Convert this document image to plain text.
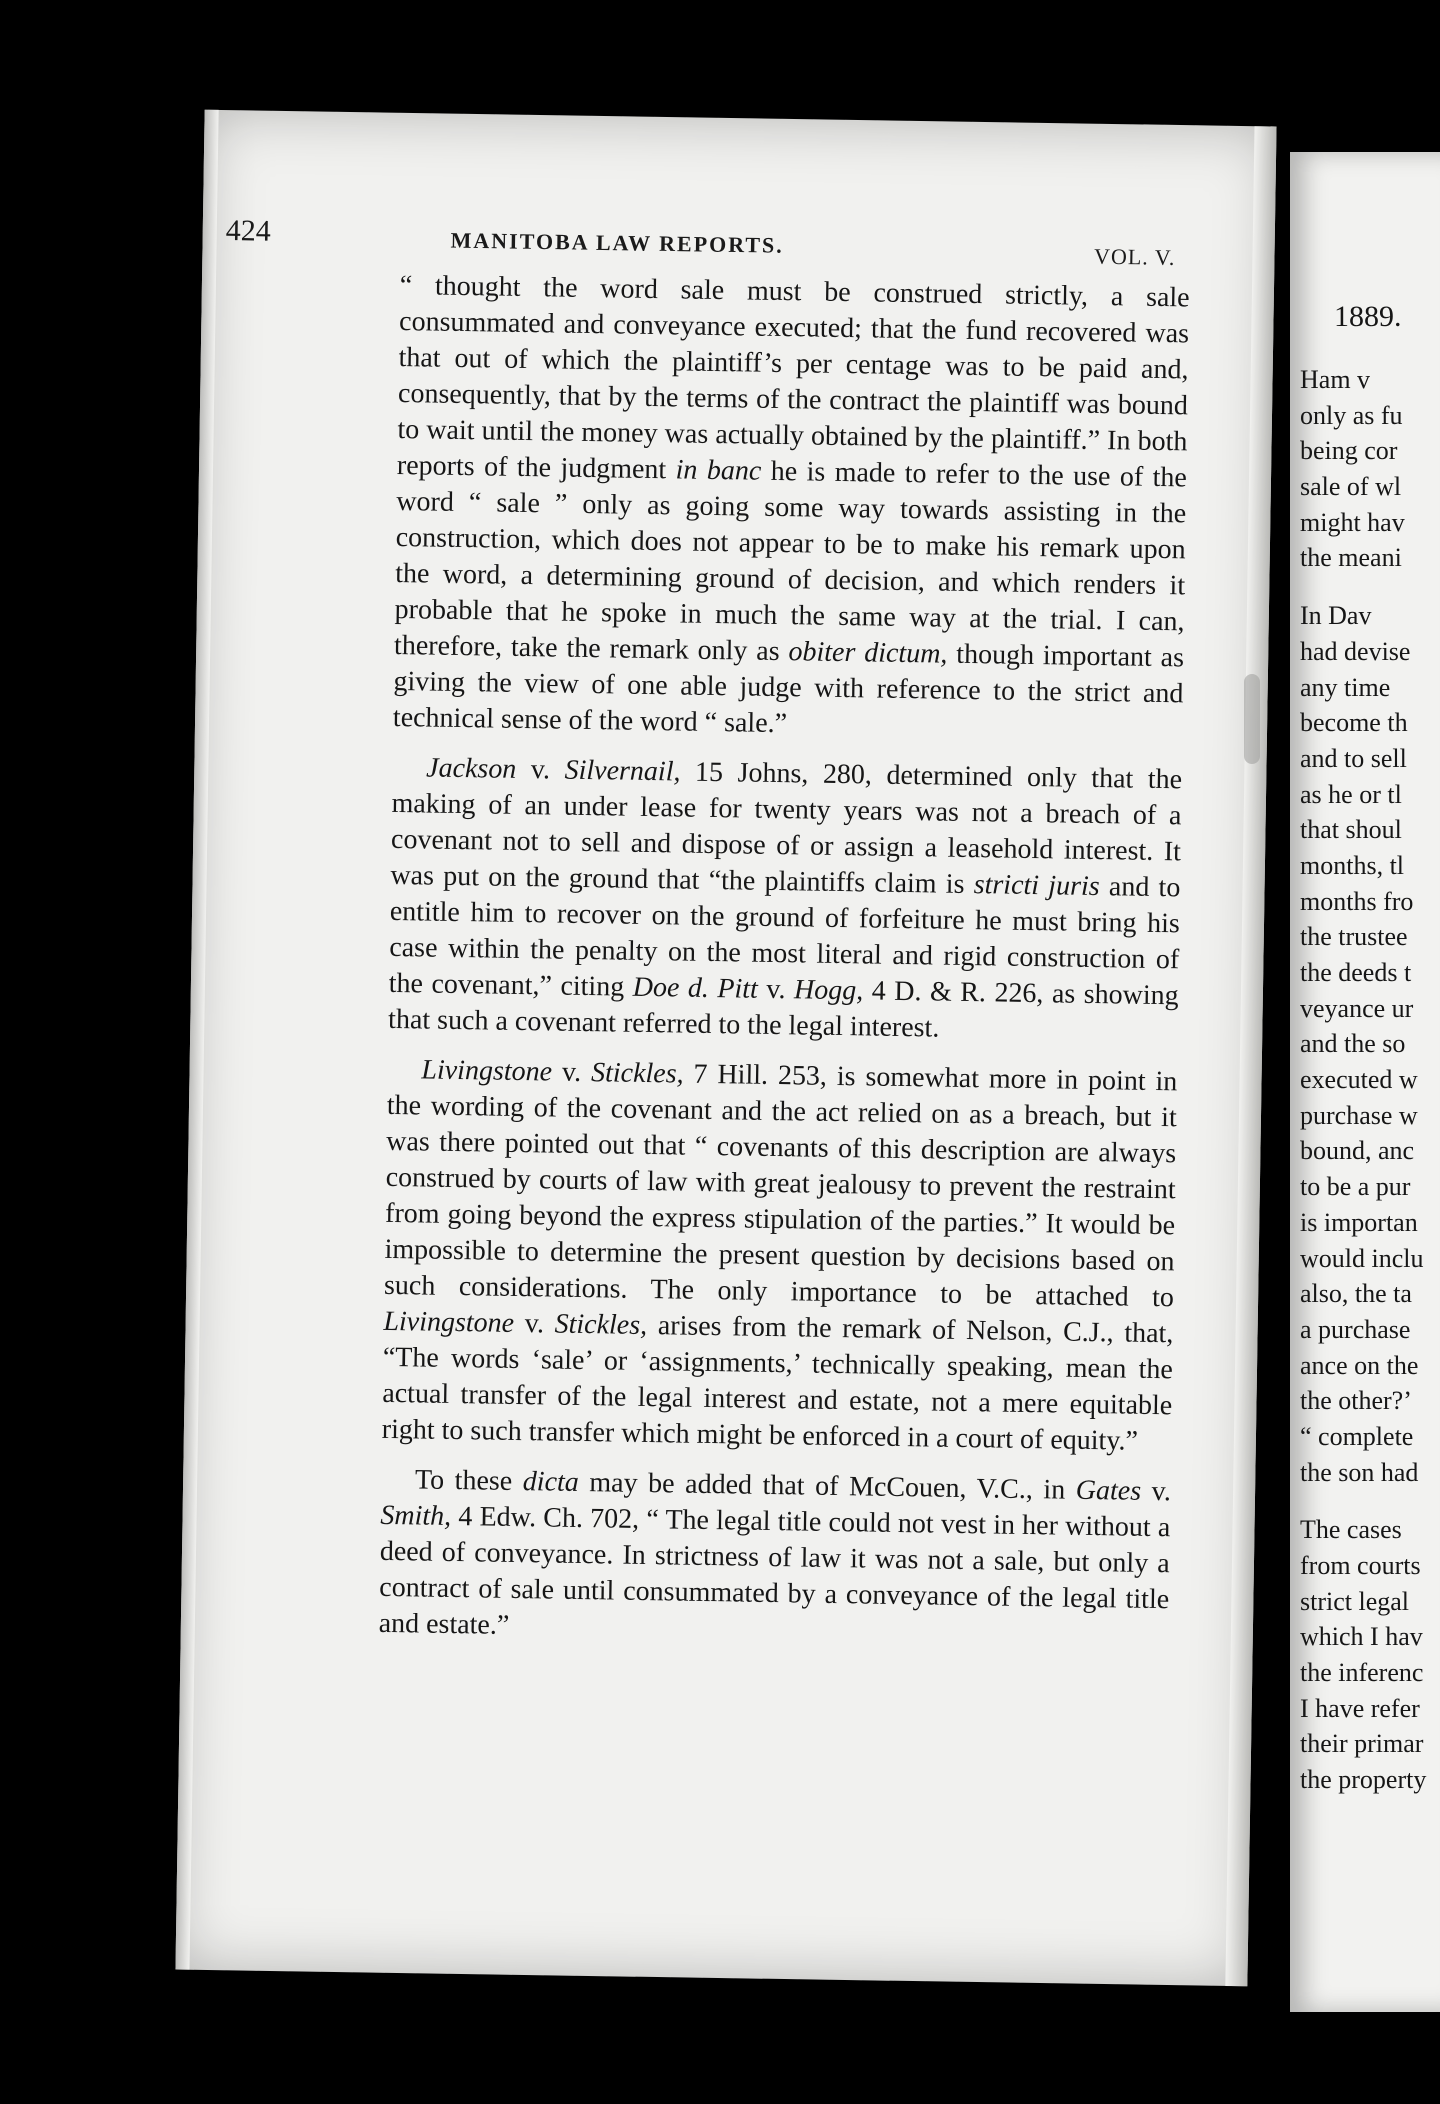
424	MANITOBA LAW REPORTS.	VOL. V.

“ thought the word sale must be construed strictly, a sale consummated and conveyance executed; that the fund recovered was that out of which the plaintiff’s per centage was to be paid and, consequently, that by the terms of the contract the plaintiff was bound to wait until the money was actually obtained by the plaintiff.” In both reports of the judgment in banc he is made to refer to the use of the word “ sale ” only as going some way towards assisting in the construction, which does not appear to be to make his remark upon the word, a determining ground of decision, and which renders it probable that he spoke in much the same way at the trial. I can, therefore, take the remark only as obiter dictum, though important as giving the view of one able judge with reference to the strict and technical sense of the word “ sale.”

Jackson v. Silvernail, 15 Johns, 280, determined only that the making of an under lease for twenty years was not a breach of a covenant not to sell and dispose of or assign a leasehold interest. It was put on the ground that “the plaintiffs claim is stricti juris and to entitle him to recover on the ground of forfeiture he must bring his case within the penalty on the most literal and rigid construction of the covenant,” citing Doe d. Pitt v. Hogg, 4 D. & R. 226, as showing that such a covenant referred to the legal interest.

Livingstone v. Stickles, 7 Hill. 253, is somewhat more in point in the wording of the covenant and the act relied on as a breach, but it was there pointed out that “ covenants of this description are always construed by courts of law with great jealousy to prevent the restraint from going beyond the express stipulation of the parties.” It would be impossible to determine the present question by decisions based on such considerations. The only importance to be attached to Livingstone v. Stickles, arises from the remark of Nelson, C.J., that, “The words ‘sale’ or ‘assignments,’ technically speaking, mean the actual transfer of the legal interest and estate, not a mere equitable right to such transfer which might be enforced in a court of equity.”

To these dicta may be added that of McCouen, V.C., in Gates v. Smith, 4 Edw. Ch. 702, “ The legal title could not vest in her without a deed of conveyance. In strictness of law it was not a sale, but only a contract of sale until consummated by a conveyance of the legal title and estate.”

1889.
Ham v
only as fu
being cor
sale of wl
might hav
the meani
In Dav
had devise
any time
become th
and to sell
as he or tl
that shoul
months, tl
months fro
the trustee
the deeds t
veyance ur
and the so
executed w
purchase w
bound, anc
to be a pur
is importan
would inclu
also, the ta
a purchase
ance on the
the other?’
“ complete
the son had
The cases
from courts
strict legal
which I hav
the inferenc
I have refer
their primar
the property
